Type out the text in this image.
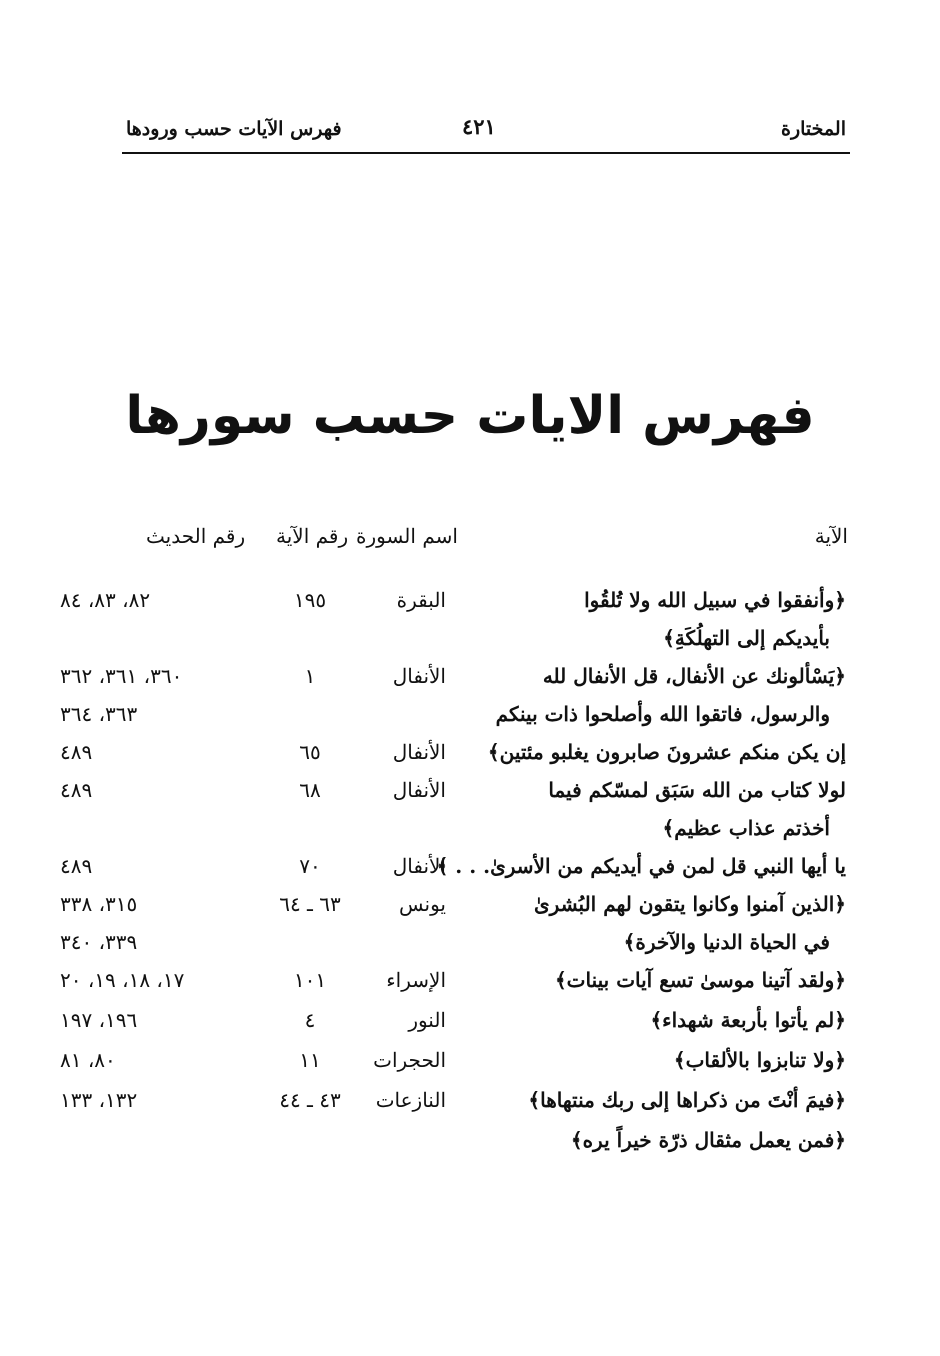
المختارة
٤٢١
فهرس الآيات حسب ورودها
فهرس الايات حسب سورها
الآية
اسم السورة
رقم الآية
رقم الحديث
﴿وأنفقوا في سبيل الله ولا تُلقُوا
البقرة
١٩٥
٨٢، ٨٣، ٨٤
بأيديكم إلى التهلُكَةِ﴾
﴿يَسْألونك عن الأنفال، قل الأنفال لله
الأنفال
١
٣٦٠، ٣٦١، ٣٦٢
والرسول، فاتقوا الله وأصلحوا ذات بينكم
٣٦٣، ٣٦٤
إن يكن منكم عشرونَ صابرون يغلبو مئتين﴾
الأنفال
٦٥
٤٨٩
لولا كتاب من الله سَبَق لمسّكم فيما
الأنفال
٦٨
٤٨٩
أخذتم عذاب عظيم﴾
يا أيها النبي قل لمن في أيديكم من الأسرىٰ. . . ﴾
الأنفال
٧٠
٤٨٩
﴿الذين آمنوا وكانوا يتقون لهم البُشرىٰ
يونس
٦٣ ـ ٦٤
٣١٥، ٣٣٨
في الحياة الدنيا والآخرة﴾
٣٣٩، ٣٤٠
﴿ولقد آتينا موسىٰ تسع آيات بينات﴾
الإسراء
١٠١
١٧، ١٨، ١٩، ٢٠
﴿لم يأتوا بأربعة شهداء﴾
النور
٤
١٩٦، ١٩٧
﴿ولا تنابزوا بالألقاب﴾
الحجرات
١١
٨٠، ٨١
﴿فيمَ أنْتَ من ذكراها إلى ربك منتهاها﴾
النازعات
٤٣ ـ ٤٤
١٣٢، ١٣٣
﴿فمن يعمل مثقال ذرّة خيراً يره﴾
